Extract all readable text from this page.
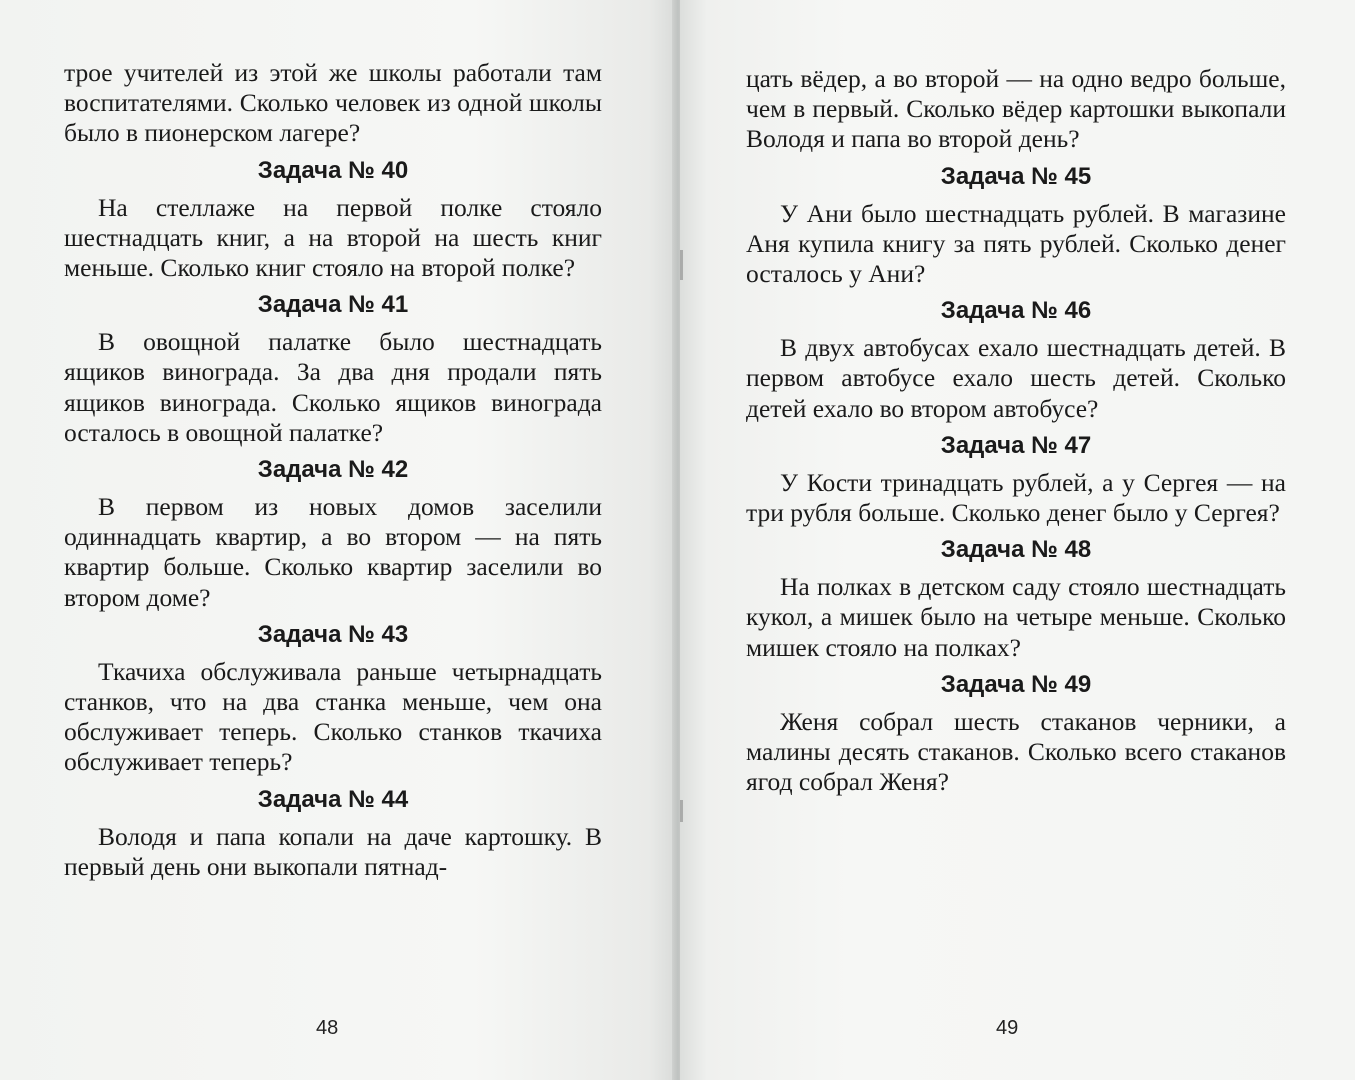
трое учителей из этой же школы работали там воспитателями. Сколько человек из одной школы было в пионерском лагере?

Задача № 40

На стеллаже на первой полке стояло шестнадцать книг, а на второй на шесть книг меньше. Сколько книг стояло на второй полке?

Задача № 41

В овощной палатке было шестнадцать ящиков винограда. За два дня продали пять ящиков винограда. Сколько ящиков винограда осталось в овощной палатке?

Задача № 42

В первом из новых домов заселили одиннадцать квартир, а во втором — на пять квартир больше. Сколько квартир заселили во втором доме?

Задача № 43

Ткачиха обслуживала раньше четырнадцать станков, что на два станка меньше, чем она обслуживает теперь. Сколько станков ткачиха обслуживает теперь?

Задача № 44

Володя и папа копали на даче картошку. В первый день они выкопали пятнад-

48

цать вёдер, а во второй — на одно ведро больше, чем в первый. Сколько вёдер картошки выкопали Володя и папа во второй день?

Задача № 45

У Ани было шестнадцать рублей. В магазине Аня купила книгу за пять рублей. Сколько денег осталось у Ани?

Задача № 46

В двух автобусах ехало шестнадцать детей. В первом автобусе ехало шесть детей. Сколько детей ехало во втором автобусе?

Задача № 47

У Кости тринадцать рублей, а у Сергея — на три рубля больше. Сколько денег было у Сергея?

Задача № 48

На полках в детском саду стояло шестнадцать кукол, а мишек было на четыре меньше. Сколько мишек стояло на полках?

Задача № 49

Женя собрал шесть стаканов черники, а малины десять стаканов. Сколько всего стаканов ягод собрал Женя?

49
